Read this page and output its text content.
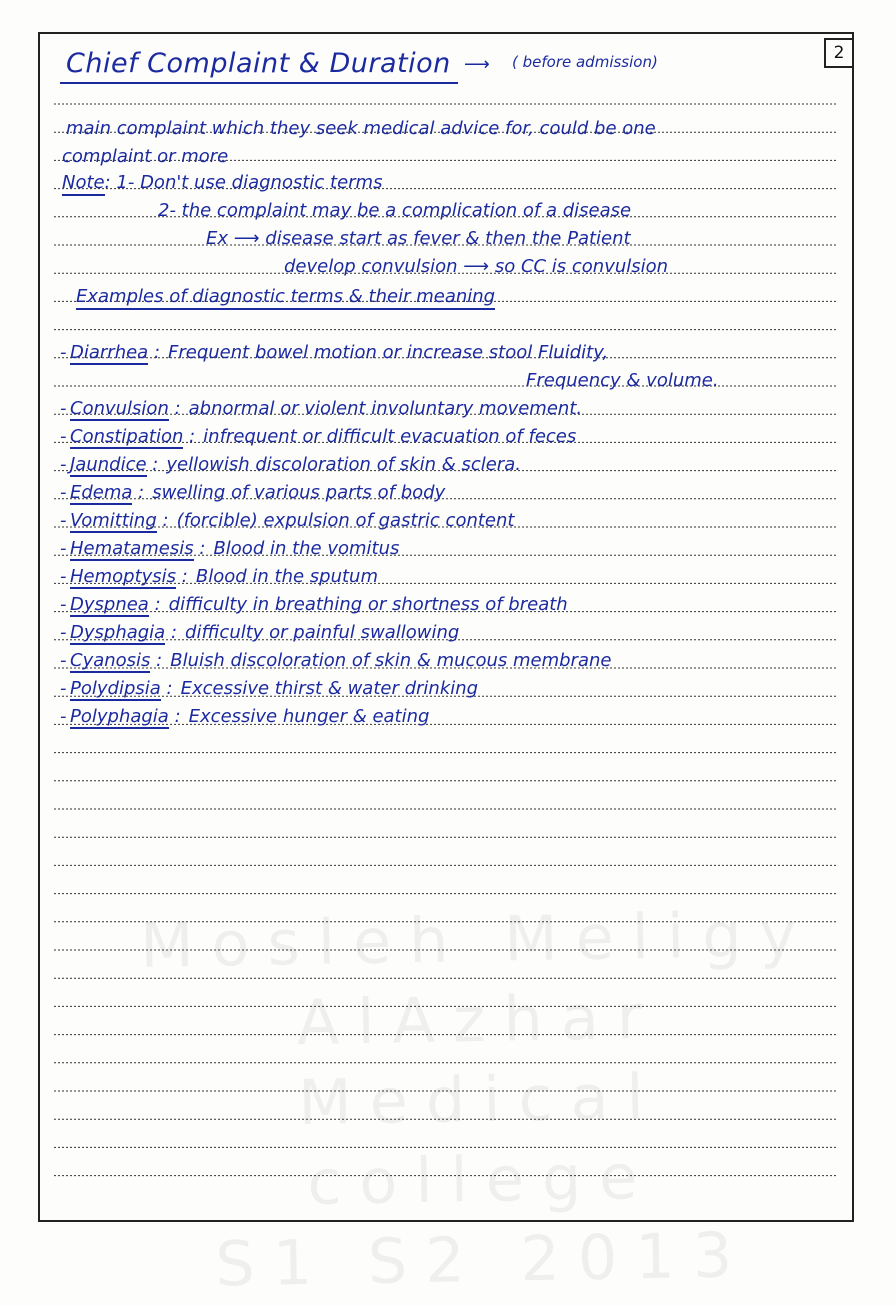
Mosleh Meligy
AlAzhar Medical
college
S1 S2 2013
2
Chief Complaint & Duration ⟶ ( before admission)
main complaint which they seek medical advice for, could be one
complaint or more
Note: 1- Don't use diagnostic terms
2- the complaint may be a complication of a disease
Ex ⟶ disease start as fever & then the Patient
develop convulsion ⟶ so CC is convulsion
Examples of diagnostic terms & their meaning
- Diarrhea : Frequent bowel motion or increase stool Fluidity,
- Convulsion : abnormal or violent involuntary movement.
- Constipation : infrequent or difficult evacuation of feces
- Jaundice : yellowish discoloration of skin & sclera.
- Edema : swelling of various parts of body
- Vomitting : (forcible) expulsion of gastric content
- Hematamesis : Blood in the vomitus
- Hemoptysis : Blood in the sputum
- Dyspnea : difficulty in breathing or shortness of breath
- Dysphagia : difficulty or painful swallowing
- Cyanosis : Bluish discoloration of skin & mucous membrane
- Polydipsia : Excessive thirst & water drinking
- Polyphagia : Excessive hunger & eating
Frequency & volume.
